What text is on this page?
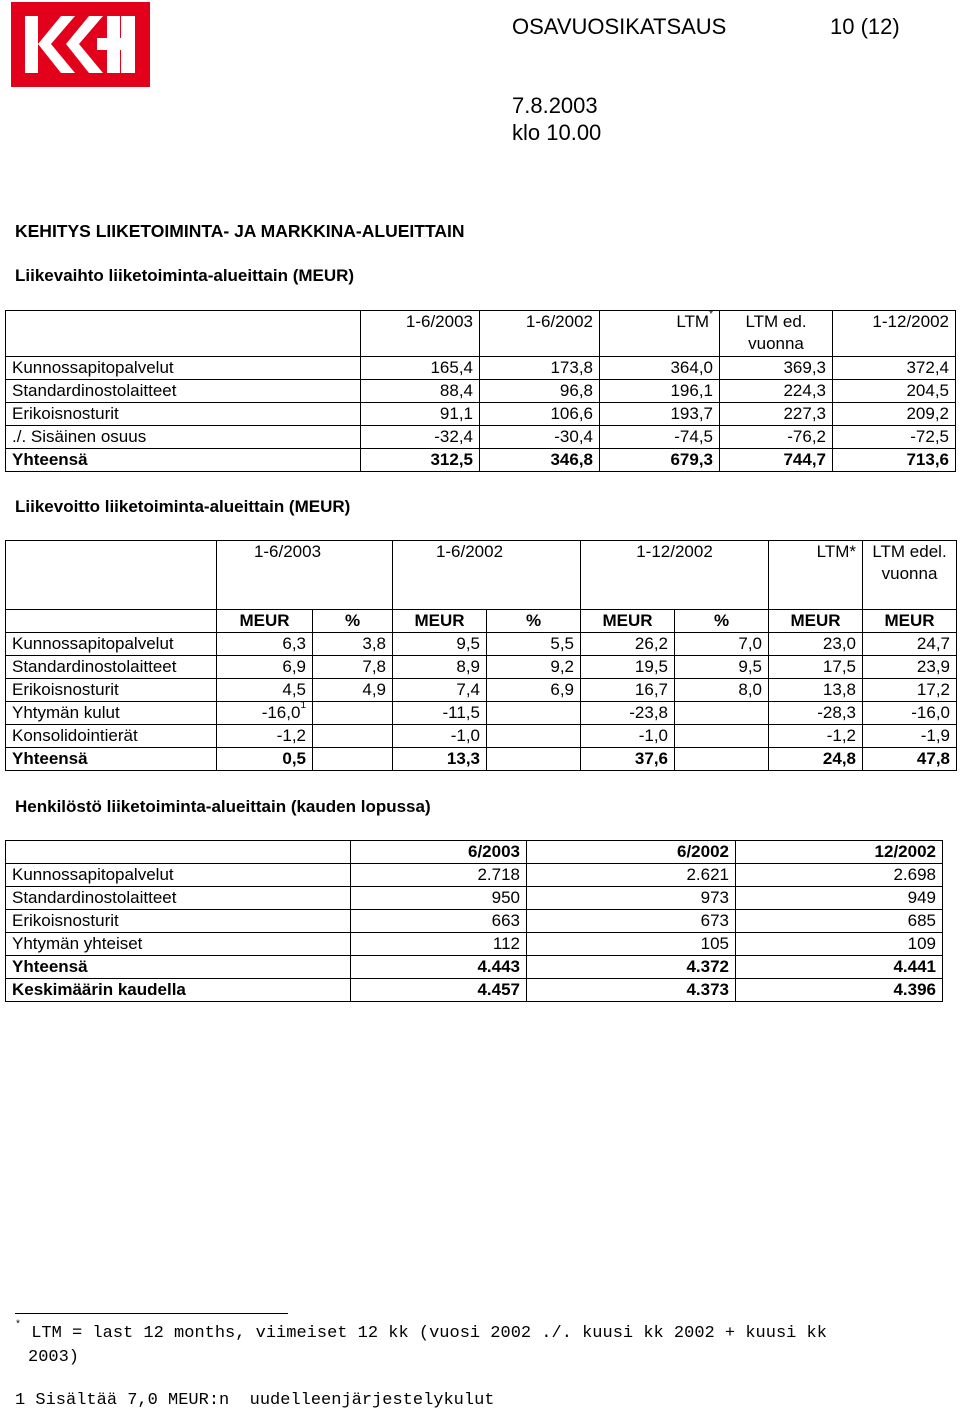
OSAVUOSIKATSAUS	10 (12)
7.8.2003
klo 10.00
KEHITYS LIIKETOIMINTA- JA MARKKINA-ALUEITTAIN
Liikevaihto liiketoiminta-alueittain (MEUR)
	1-6/2003	1-6/2002	LTM*	LTM ed. vuonna	1-12/2002
Kunnossapitopalvelut	165,4	173,8	364,0	369,3	372,4
Standardinostolaitteet	88,4	96,8	196,1	224,3	204,5
Erikoisnosturit	91,1	106,6	193,7	227,3	209,2
./. Sisäinen osuus	-32,4	-30,4	-74,5	-76,2	-72,5
Yhteensä	312,5	346,8	679,3	744,7	713,6
Liikevoitto liiketoiminta-alueittain (MEUR)
	1-6/2003		1-6/2002		1-12/2002		LTM*	LTM edel. vuonna
	MEUR	%	MEUR	%	MEUR	%	MEUR	MEUR
Kunnossapitopalvelut	6,3	3,8	9,5	5,5	26,2	7,0	23,0	24,7
Standardinostolaitteet	6,9	7,8	8,9	9,2	19,5	9,5	17,5	23,9
Erikoisnosturit	4,5	4,9	7,4	6,9	16,7	8,0	13,8	17,2
Yhtymän kulut	-16,0$^1$		-11,5		-23,8		-28,3	-16,0
Konsolidointierät	-1,2		-1,0		-1,0		-1,2	-1,9
Yhteensä	0,5		13,3		37,6		24,8	47,8
Henkilöstö liiketoiminta-alueittain (kauden lopussa)
	6/2003	6/2002	12/2002
Kunnossapitopalvelut	2.718	2.621	2.698
Standardinostolaitteet	950	973	949
Erikoisnosturit	663	673	685
Yhtymän yhteiset	112	105	109
Yhteensä	4.443	4.372	4.441
Keskimäärin kaudella	4.457	4.373	4.396
* LTM = last 12 months, viimeiset 12 kk (vuosi 2002 ./. kuusi kk 2002 + kuusi kk
2003)
1 Sisältää 7,0 MEUR:n  uudelleenjärjestelykulut
